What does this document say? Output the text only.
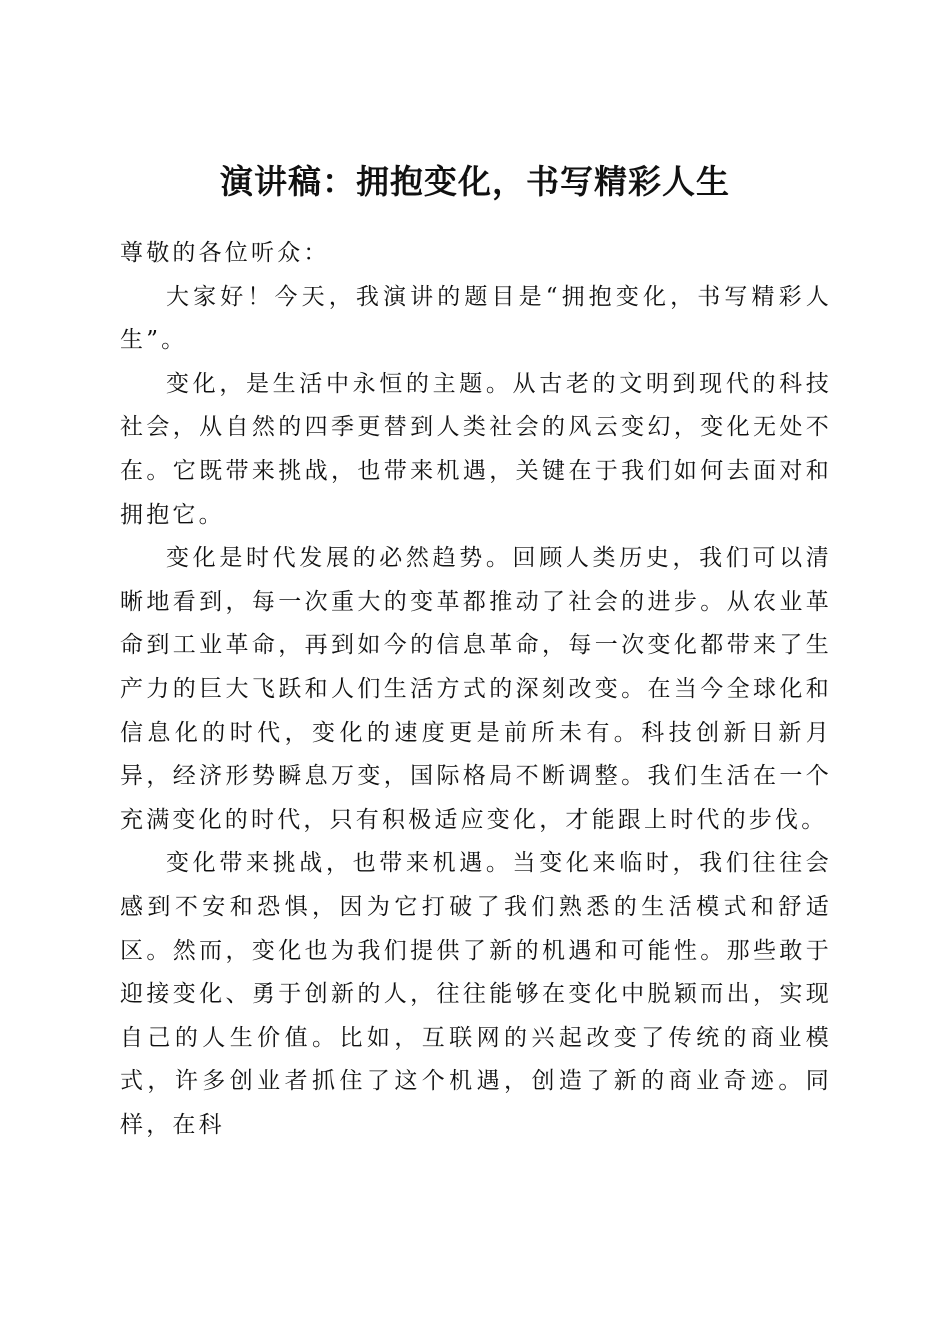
演讲稿：拥抱变化，书写精彩人生

尊敬的各位听众：

大家好！今天，我演讲的题目是“拥抱变化，书写精彩人生”。

变化，是生活中永恒的主题。从古老的文明到现代的科技社会，从自然的四季更替到人类社会的风云变幻，变化无处不在。它既带来挑战，也带来机遇，关键在于我们如何去面对和拥抱它。

变化是时代发展的必然趋势。回顾人类历史，我们可以清晰地看到，每一次重大的变革都推动了社会的进步。从农业革命到工业革命，再到如今的信息革命，每一次变化都带来了生产力的巨大飞跃和人们生活方式的深刻改变。在当今全球化和信息化的时代，变化的速度更是前所未有。科技创新日新月异，经济形势瞬息万变，国际格局不断调整。我们生活在一个充满变化的时代，只有积极适应变化，才能跟上时代的步伐。

变化带来挑战，也带来机遇。当变化来临时，我们往往会感到不安和恐惧，因为它打破了我们熟悉的生活模式和舒适区。然而，变化也为我们提供了新的机遇和可能性。那些敢于迎接变化、勇于创新的人，往往能够在变化中脱颖而出，实现自己的人生价值。比如，互联网的兴起改变了传统的商业模式，许多创业者抓住了这个机遇，创造了新的商业奇迹。同样，在科
